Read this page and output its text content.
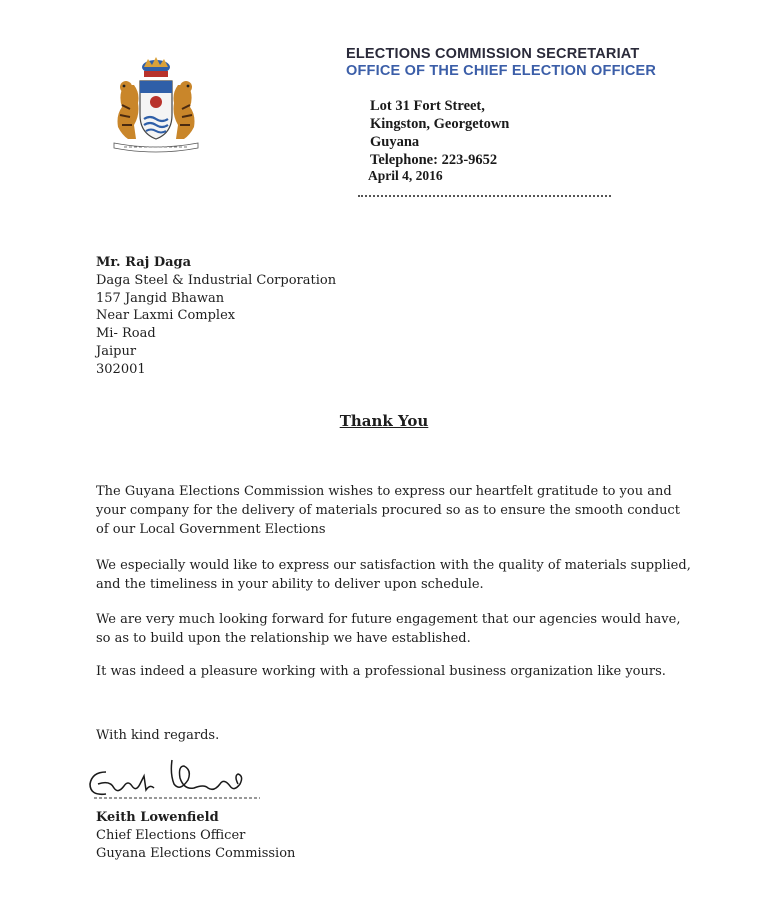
ELECTIONS COMMISSION SECRETARIAT
OFFICE OF THE CHIEF ELECTION OFFICER
Lot 31 Fort Street,
Kingston, Georgetown
Guyana
Telephone: 223-9652
April 4, 2016
Mr. Raj Daga
Daga Steel & Industrial Corporation
157 Jangid Bhawan
Near Laxmi Complex
Mi- Road
Jaipur
302001
Thank You

The Guyana Elections Commission wishes to express our heartfelt gratitude to you and your company for the delivery of materials procured so as to ensure the smooth conduct of our Local Government Elections

We especially would like to express our satisfaction with the quality of materials supplied, and the timeliness in your ability to deliver upon schedule.

We are very much looking forward for future engagement that our agencies would have, so as to build upon the relationship we have established.

It was indeed a pleasure working with a professional business organization like yours.

With kind regards.
Keith Lowenfield
Chief Elections Officer
Guyana Elections Commission
